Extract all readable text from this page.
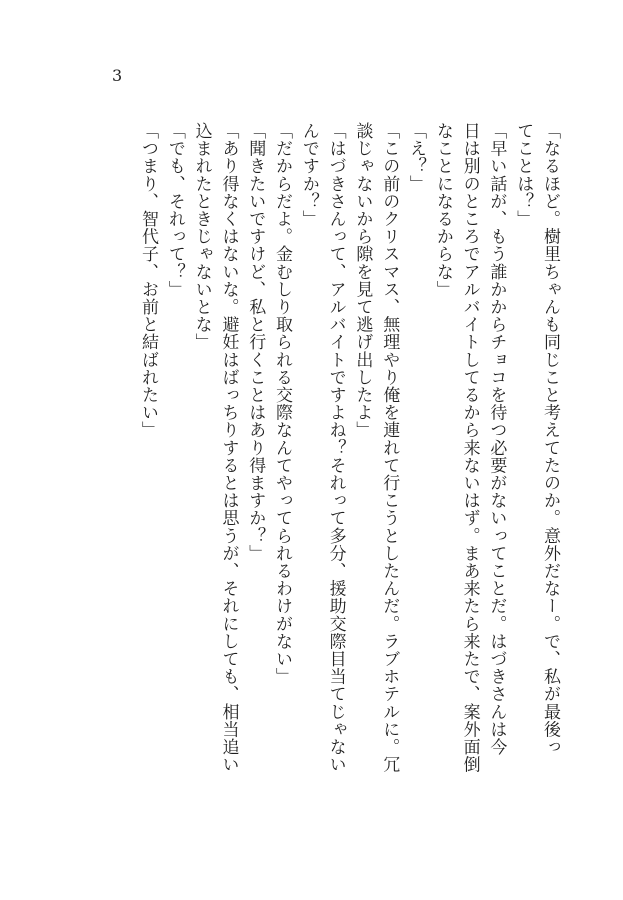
3
「なるほど。樹里ちゃんも同じこと考えてたのか。意外だなー。で、私が最後っ
てことは？」
「早い話が、もう誰かからチョコを待つ必要がないってことだ。はづきさんは今
日は別のところでアルバイトしてるから来ないはず。まあ来たら来たで、案外面倒
なことになるからな」
「え？」
「この前のクリスマス、無理やり俺を連れて行こうとしたんだ。ラブホテルに。冗
談じゃないから隙を見て逃げ出したよ」
「はづきさんって、アルバイトですよね？それって多分、援助交際目当てじゃない
んですか？」
「だからだよ。金むしり取られる交際なんてやってられるわけがない」
「聞きたいですけど、私と行くことはあり得ますか？」
「あり得なくはないな。避妊はばっちりするとは思うが、それにしても、相当追い
込まれたときじゃないとな」
「でも、それって？」
「つまり、智代子、お前と結ばれたい」
